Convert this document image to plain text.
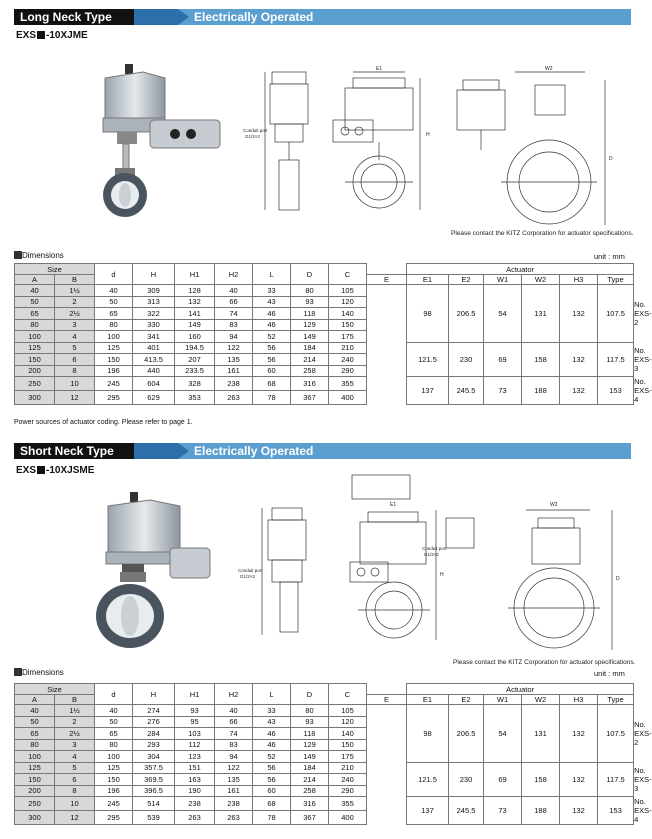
Long Neck Type	Electrically Operated
EXS -10XJME
Conduit port
G1/2×2	H
E1	W2
D
Please contact the KITZ Corporation for actuator specifications.
Dimensions	unit : mm
Size		d	H	H1	H2	L	D	C		Actuator						
A	B								E	E1	E2	W1	W2	H3	Type	
40	1½	40	309	128	40	33	80	105		98	206.5	54	131	132	107.5	No. EXS-2
50	2	50	313	132	66	43	93	120								
65	2½	65	322	141	74	46	118	140								
80	3	80	330	149	83	46	129	150								
100	4	100	341	160	94	52	149	175								
125	5	125	401	194.5	122	56	184	210		121.5	230	69	158	132	117.5	No. EXS-3
150	6	150	413.5	207	135	56	214	240								
200	8	196	440	233.5	161	60	258	290								
250	10	245	604	328	238	68	316	355		137	245.5	73	188	132	153	No. EXS-4
300	12	295	629	353	263	78	367	400								
Power sources of actuator coding. Please refer to page 1.
Short Neck Type	Electrically Operated
EXS -10XJSME
Conduit port
G1/2×2
Conduit port
G1/2×2
H
E1	W2
D
Please contact the KITZ Corporation for actuator specifications.
Dimensions	unit : mm
Size		d	H	H1	H2	L	D	C		Actuator						
A	B								E	E1	E2	W1	W2	H3	Type	
40	1½	40	274	93	40	33	80	105		98	206.5	54	131	132	107.5	No. EXS-2
50	2	50	276	95	66	43	93	120								
65	2½	65	284	103	74	46	118	140								
80	3	80	293	112	83	46	129	150								
100	4	100	304	123	94	52	149	175								
125	5	125	357.5	151	122	56	184	210		121.5	230	69	158	132	117.5	No. EXS-3
150	6	150	369.5	163	135	56	214	240								
200	8	196	396.5	190	161	60	258	290								
250	10	245	514	238	238	68	316	355		137	245.5	73	188	132	153	No. EXS-4
300	12	295	539	263	263	78	367	400								
